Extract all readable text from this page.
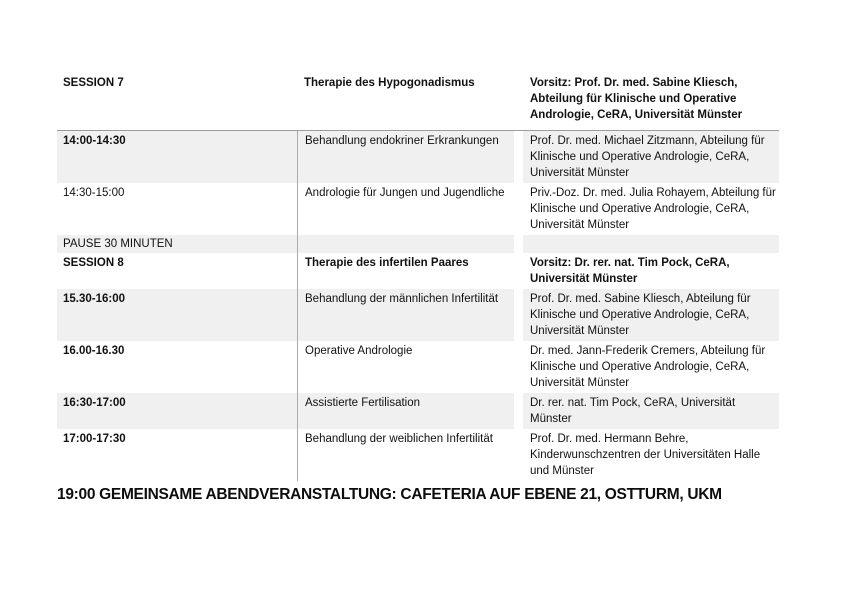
SESSION 7	Therapie des Hypogonadismus	Vorsitz: Prof. Dr. med. Sabine Kliesch, Abteilung für Klinische und Operative Andrologie, CeRA, Universität Münster
14:00-14:30	Behandlung endokriner Erkrankungen	Prof. Dr. med. Michael Zitzmann, Abteilung für Klinische und Operative Andrologie, CeRA, Universität Münster
14:30-15:00	Andrologie für Jungen und Jugendliche	Priv.-Doz. Dr. med. Julia Rohayem, Abteilung für Klinische und Operative Andrologie, CeRA, Universität Münster
PAUSE 30 MINUTEN
SESSION 8	Therapie des infertilen Paares	Vorsitz: Dr. rer. nat. Tim Pock, CeRA, Universität Münster
15.30-16:00	Behandlung der männlichen Infertilität	Prof. Dr. med. Sabine Kliesch, Abteilung für Klinische und Operative Andrologie, CeRA, Universität Münster
16.00-16.30	Operative Andrologie	Dr. med. Jann-Frederik Cremers, Abteilung für Klinische und Operative Andrologie, CeRA, Universität Münster
16:30-17:00	Assistierte Fertilisation	Dr. rer. nat. Tim Pock, CeRA, Universität Münster
17:00-17:30	Behandlung der weiblichen Infertilität	Prof. Dr. med. Hermann Behre, Kinderwunschzentren der Universitäten Halle und Münster
19:00 GEMEINSAME ABENDVERANSTALTUNG: CAFETERIA AUF EBENE 21, OSTTURM, UKM
